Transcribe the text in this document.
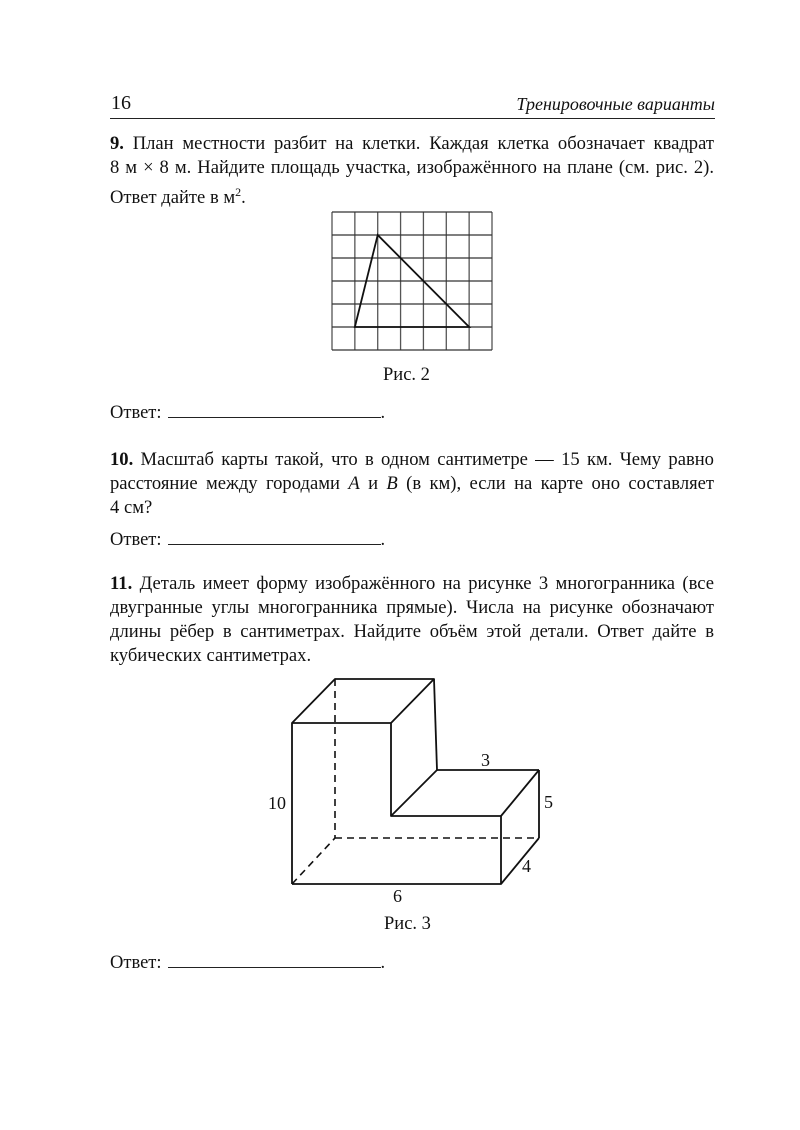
16	Тренировочные варианты
9. План местности разбит на клетки. Каждая клетка обозначает квадрат
8 м × 8 м. Найдите площадь участка, изображённого на плане (см. рис. 2).
Ответ дайте в $м^2$.
Рис. 2
Ответ:	.
10. Масштаб карты такой, что в одном сантиметре — 15 км. Чему равно
расстояние между городами A и B (в км), если на карте оно составляет
4 см?
Ответ:	.
11. Деталь имеет форму изображённого на рисунке 3 многогранника (все
двугранные углы многогранника прямые). Числа на рисунке обозначают
длины рёбер в сантиметрах. Найдите объём этой детали. Ответ дайте в
кубических сантиметрах.
10
6
3
5
4
Рис. 3
Ответ:	.
